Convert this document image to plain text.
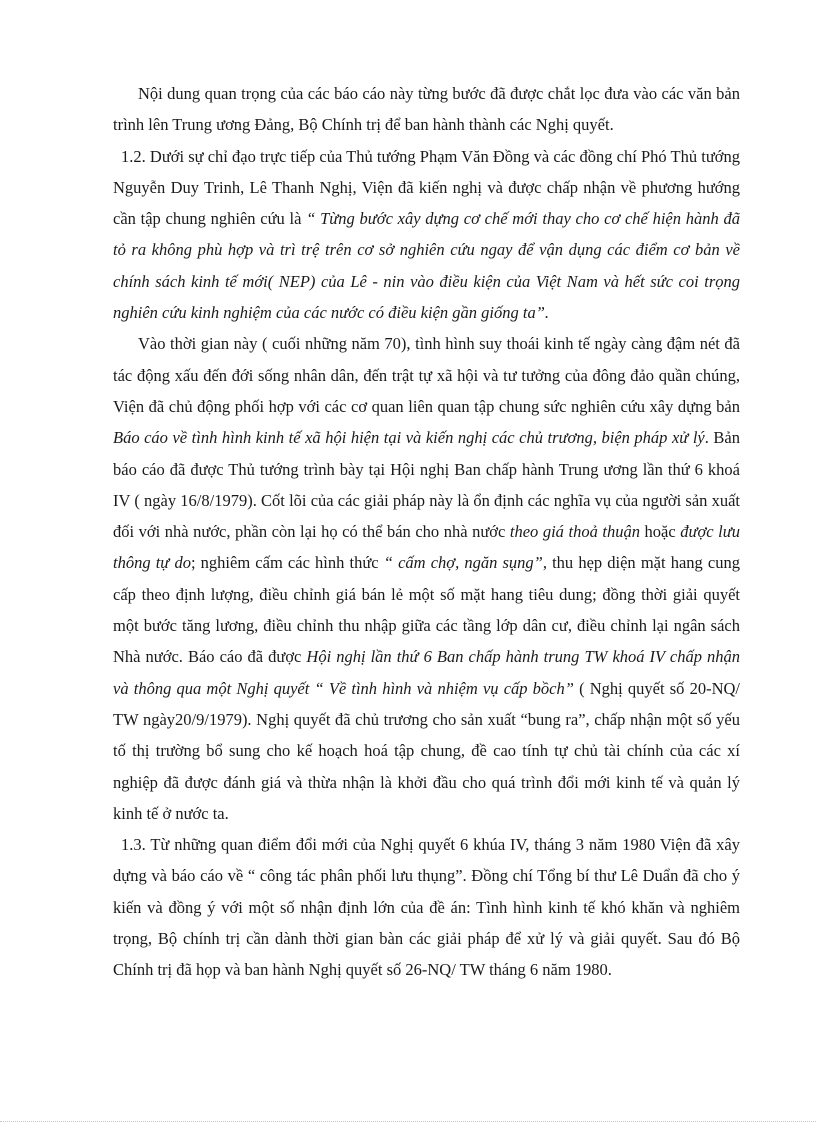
Nội dung quan trọng của các báo cáo này từng bước đã được chắt lọc đưa vào các văn bản trình lên Trung ương Đảng, Bộ Chính trị để ban hành thành các Nghị quyết.

1.2. Dưới sự chỉ đạo trực tiếp của Thủ tướng Phạm Văn Đồng và các đồng chí Phó Thủ tướng Nguyễn Duy Trinh, Lê Thanh Nghị, Viện đã kiến nghị và được chấp nhận về phương hướng cần tập chung nghiên cứu là “ Từng bước xây dựng cơ chế mới thay cho cơ chế hiện hành đã tỏ ra không phù hợp và trì trệ trên cơ sở nghiên cứu ngay để vận dụng các điểm cơ bản về chính sách kinh tế mới( NEP) của Lê - nin vào điều kiện của Việt Nam và hết sức coi trọng nghiên cứu kinh nghiệm của các nước có điều kiện gần giống ta”.

Vào thời gian này ( cuối những năm 70), tình hình suy thoái kinh tế ngày càng đậm nét đã tác động xấu đến đới sống nhân dân, đến trật tự xã hội và tư tưởng của đông đảo quần chúng, Viện đã chủ động phối hợp với các cơ quan liên quan tập chung sức nghiên cứu xây dựng bản Báo cáo về tình hình kinh tế xã hội hiện tại và kiến nghị các chủ trương, biện pháp xử lý. Bản báo cáo đã được Thủ tướng trình bày tại Hội nghị Ban chấp hành Trung ương lần thứ 6 khoá IV ( ngày 16/8/1979). Cốt lõi của các giải pháp này là ổn định các nghĩa vụ của người sản xuất đối với nhà nước, phần còn lại họ có thể bán cho nhà nước theo giá thoả thuận hoặc được lưu thông tự do; nghiêm cấm các hình thức “ cấm chợ, ngăn sụng”, thu hẹp diện mặt hang cung cấp theo định lượng, điều chỉnh giá bán lẻ một số mặt hang tiêu dung; đồng thời giải quyết một bước tăng lương, điều chỉnh thu nhập giữa các tầng lớp dân cư, điều chỉnh lại ngân sách Nhà nước. Báo cáo đã được Hội nghị lần thứ 6 Ban chấp hành trung TW khoá IV chấp nhận và thông qua một Nghị quyết “ Về tình hình và nhiệm vụ cấp bồch” ( Nghị quyết số 20-NQ/ TW ngày20/9/1979). Nghị quyết đã chủ trương cho sản xuất “bung ra”, chấp nhận một số yếu tố thị trường bổ sung cho kế hoạch hoá tập chung, đề cao tính tự chủ tài chính của các xí nghiệp đã được đánh giá và thừa nhận là khởi đầu cho quá trình đổi mới kinh tế và quản lý kinh tế ở nước ta.

1.3. Từ những quan điểm đổi mới của Nghị quyết 6 khúa IV, tháng 3 năm 1980 Viện đã xây dựng và báo cáo về “ công tác phân phối lưu thụng”. Đồng chí Tổng bí thư Lê Duẩn đã cho ý kiến và đồng ý với một số nhận định lớn của đề án: Tình hình kinh tế khó khăn và nghiêm trọng, Bộ chính trị cần dành thời gian bàn các giải pháp để xử lý và giải quyết. Sau đó Bộ Chính trị đã họp và ban hành Nghị quyết số 26-NQ/ TW tháng 6 năm 1980.
